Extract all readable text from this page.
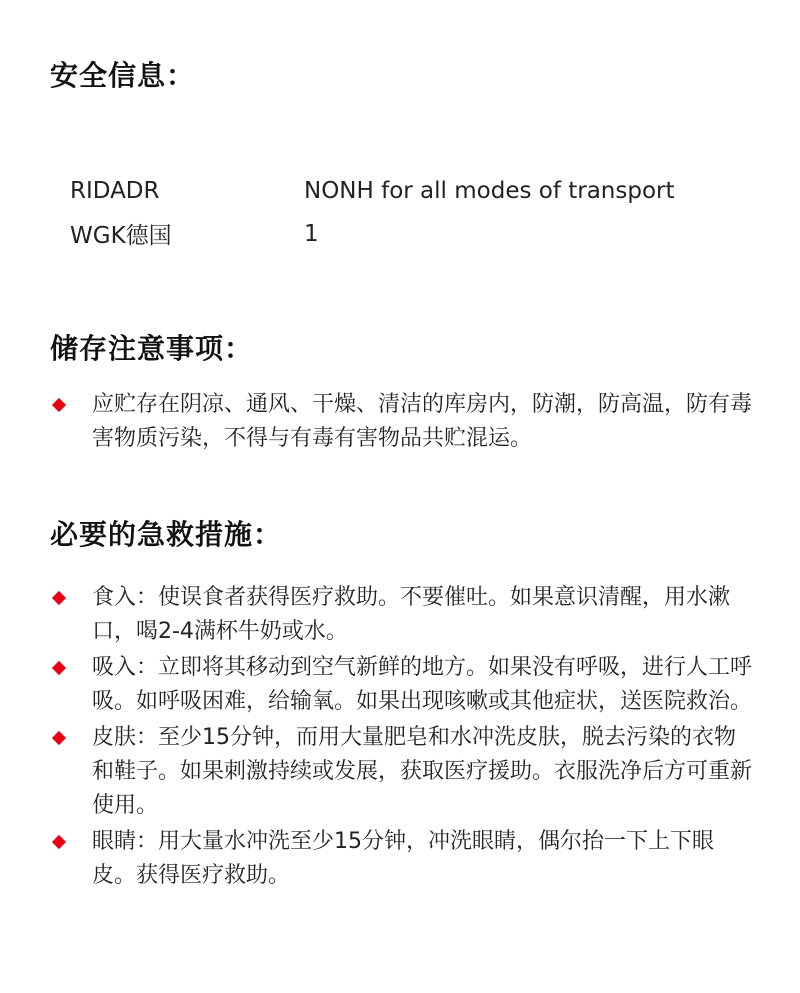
安全信息：
RIDADR	NONH for all modes of transport
WGK德国	1
储存注意事项：
应贮存在阴凉、通风、干燥、清洁的库房内，防潮，防高温，防有毒害物质污染，不得与有毒有害物品共贮混运。
必要的急救措施：
食入：使误食者获得医疗救助。不要催吐。如果意识清醒，用水漱口，喝2-4满杯牛奶或水。
吸入：立即将其移动到空气新鲜的地方。如果没有呼吸，进行人工呼吸。如呼吸困难，给输氧。如果出现咳嗽或其他症状，送医院救治。
皮肤：至少15分钟，而用大量肥皂和水冲洗皮肤，脱去污染的衣物和鞋子。如果刺激持续或发展，获取医疗援助。衣服洗净后方可重新使用。
眼睛：用大量水冲洗至少15分钟，冲洗眼睛，偶尔抬一下上下眼皮。获得医疗救助。
